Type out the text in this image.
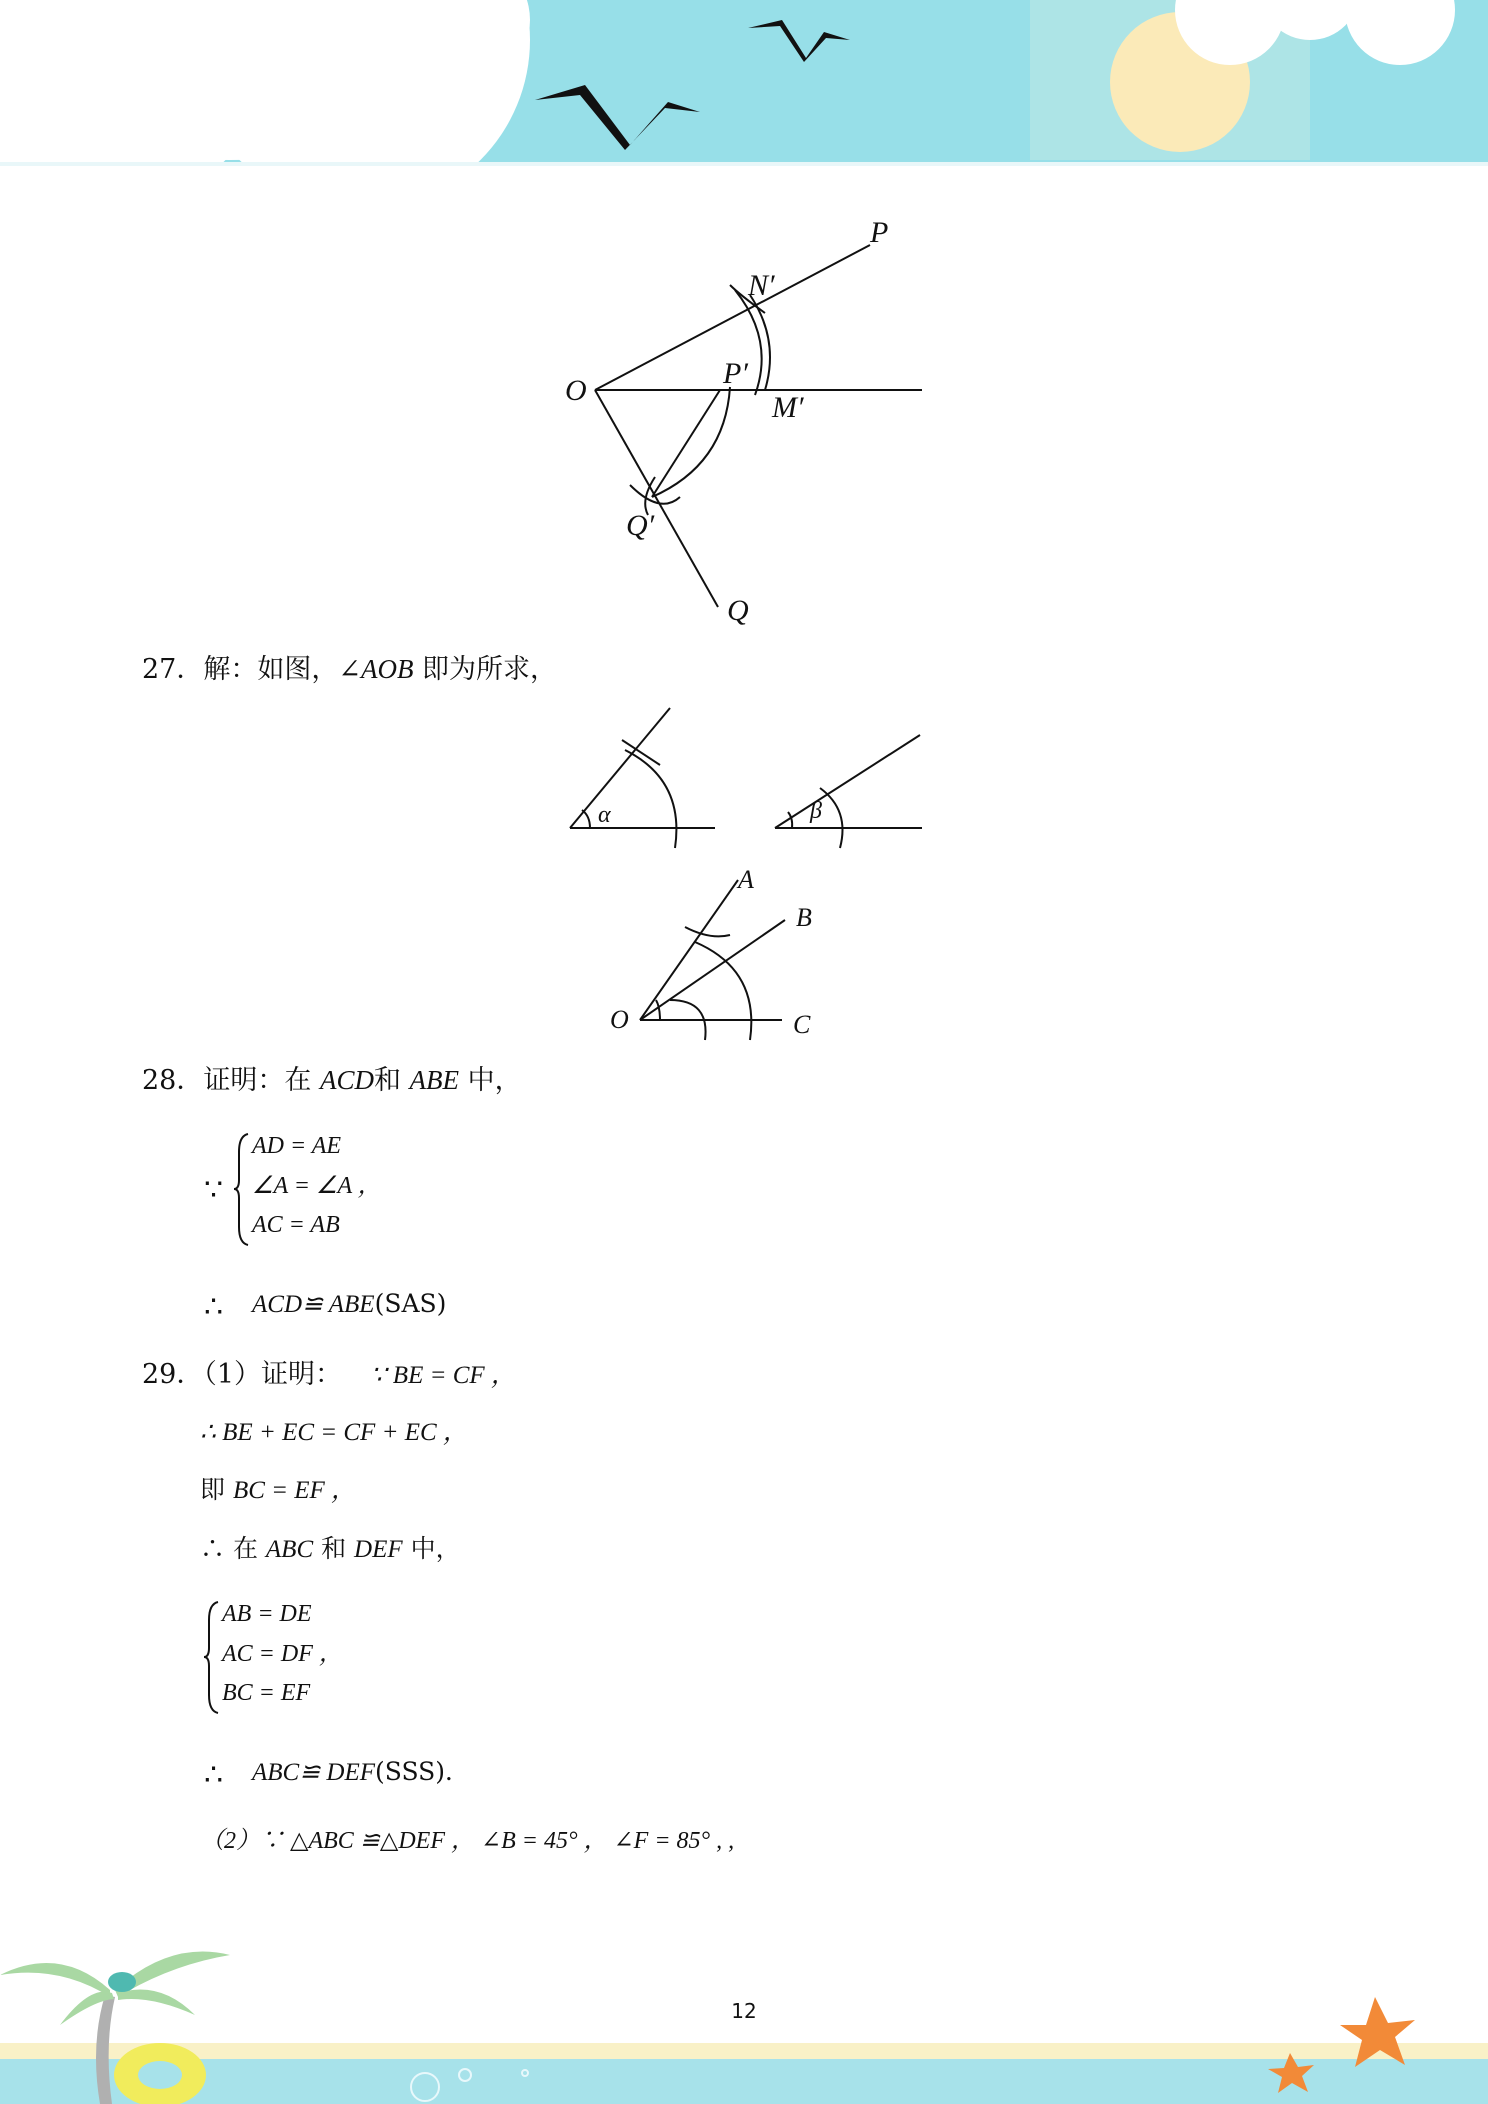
P
N′
O
P′
M′
Q′
Q
27．解：如图，∠AOB 即为所求，
α	β
A
B
C
O
28．证明：在 ACD和 ABE 中，
∵
AD = AE
∠A = ∠A ，
AC = AB
∴ ACD≌ ABE(SAS)
29．（1）证明： ∵ BE = CF ，
∴ BE + EC = CF + EC ，
即 BC = EF ，
∴ 在 ABC 和 DEF 中，
AB = DE
AC = DF ，
BC = EF
∴ ABC≌ DEF(SSS)．
（2）∵ △ABC ≌△DEF ， ∠B = 45° ， ∠F = 85° , ,
12
